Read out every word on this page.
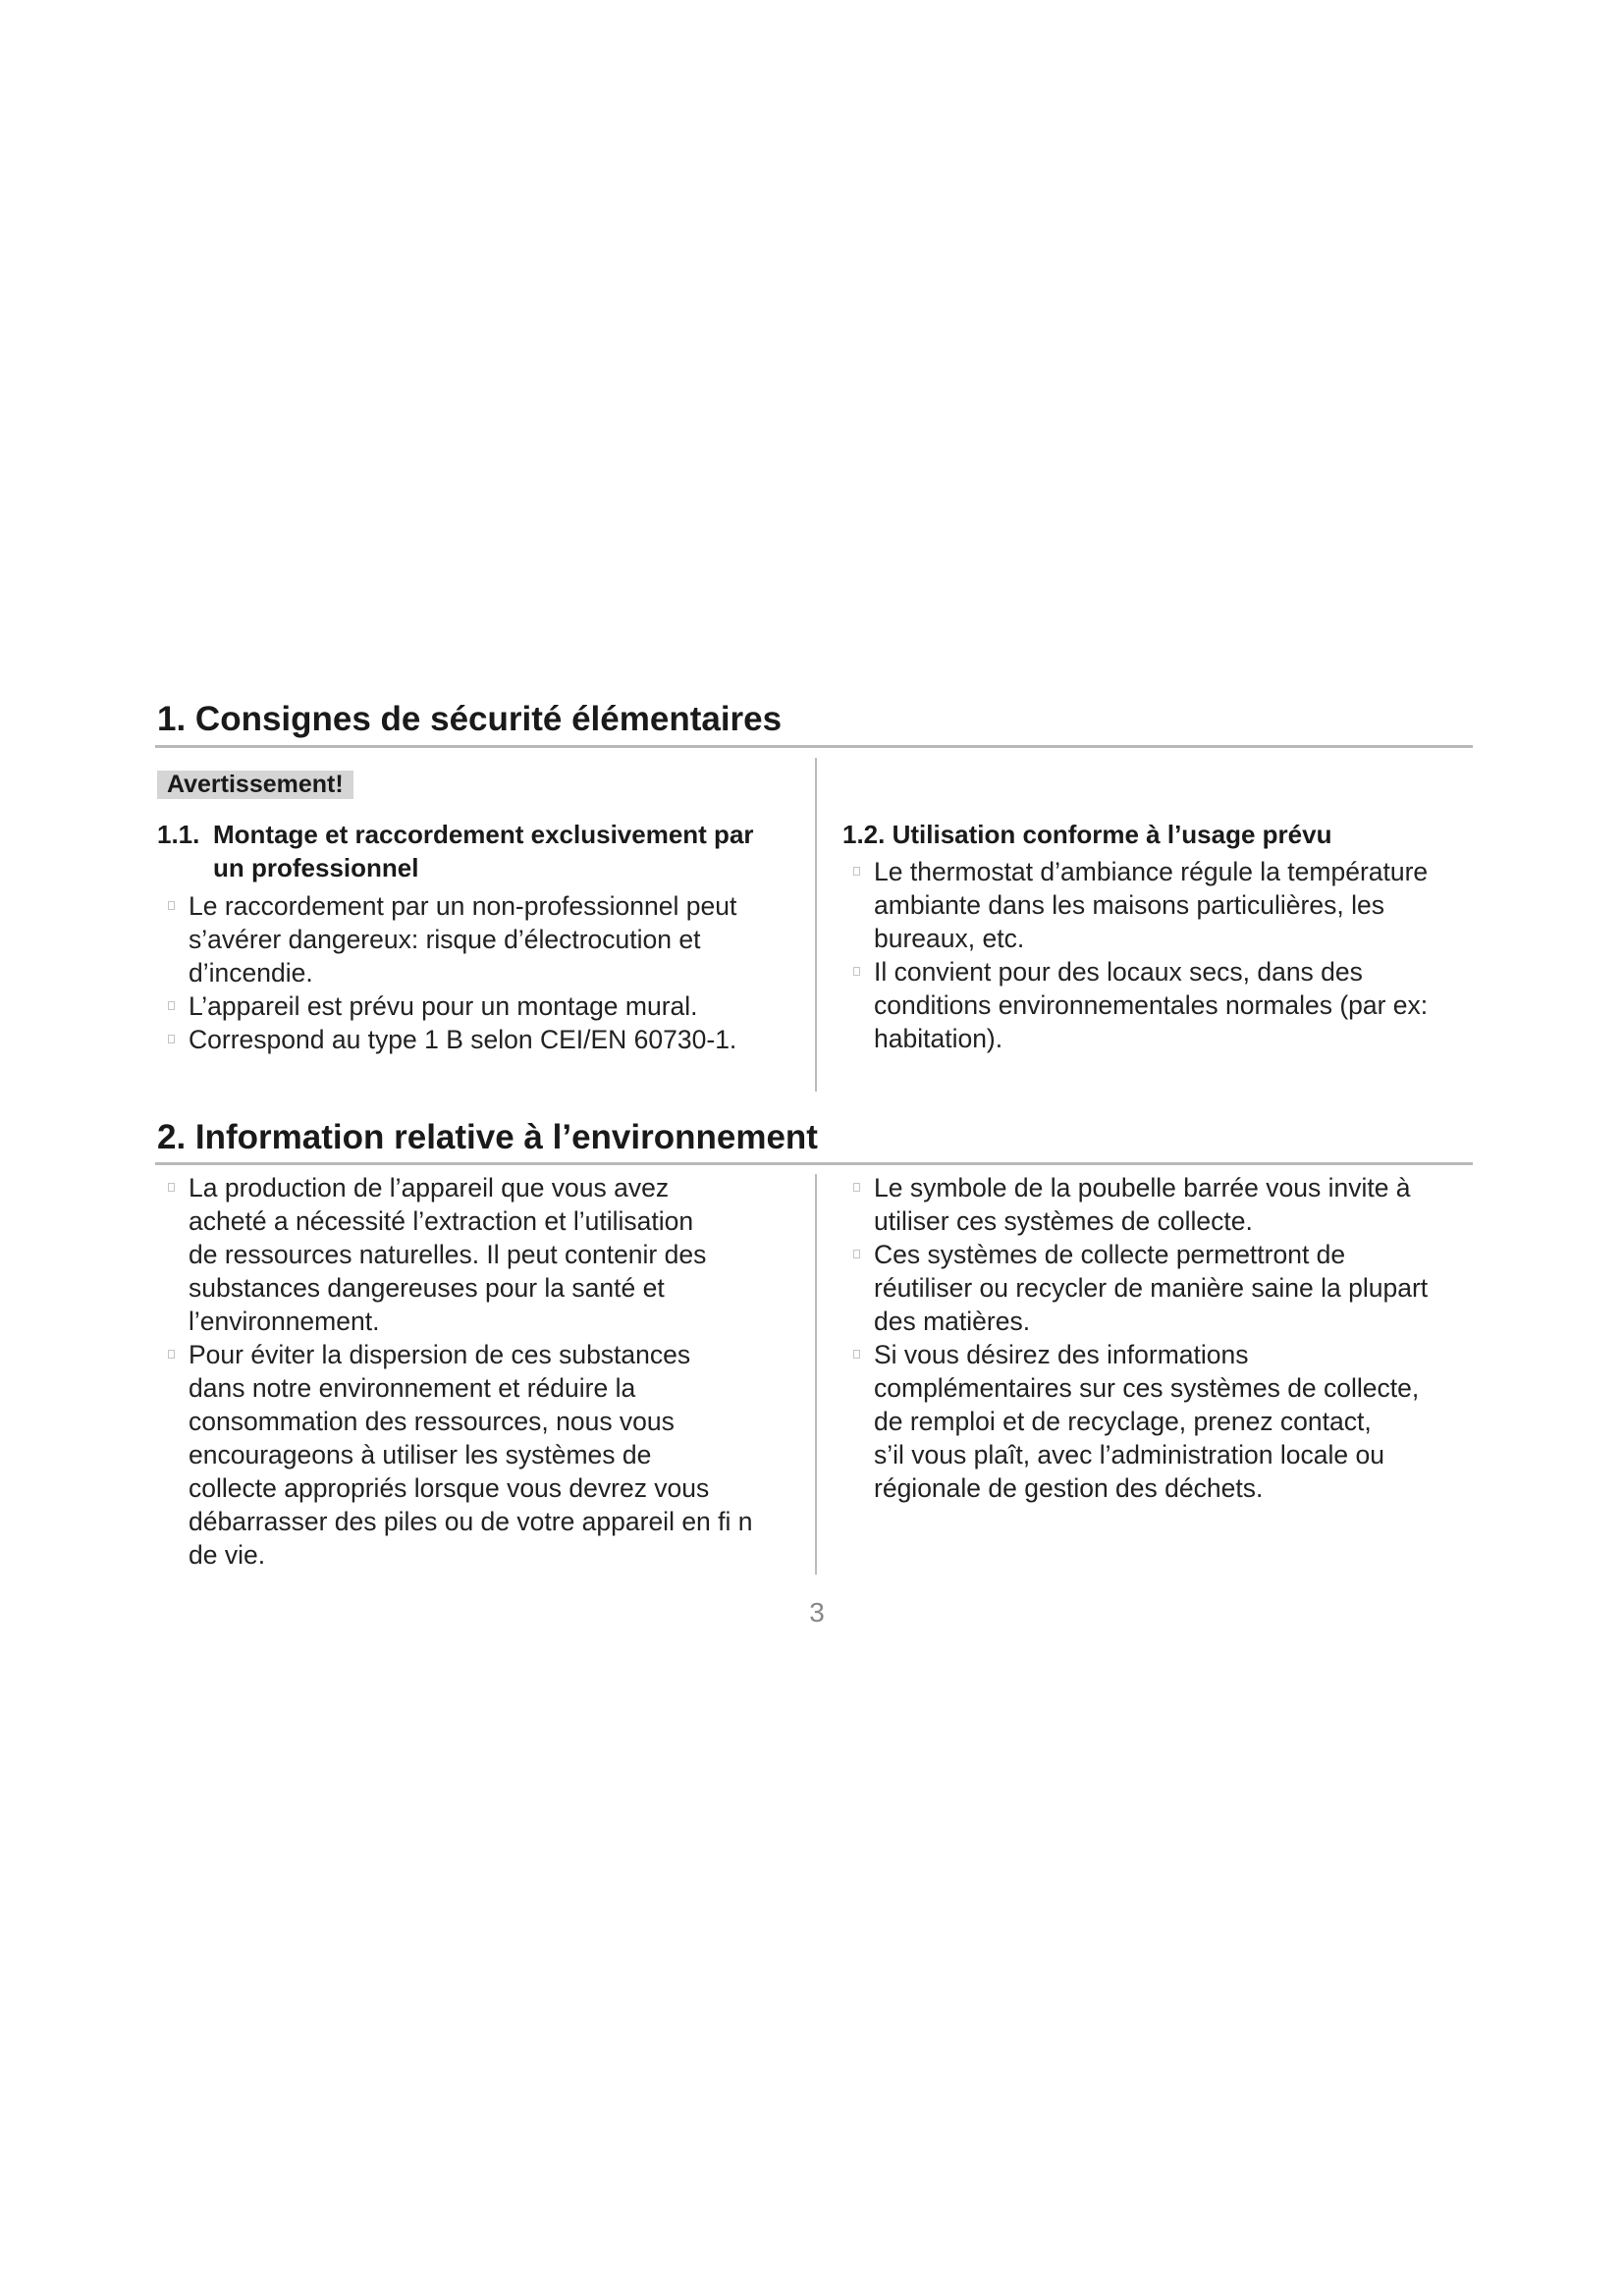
1. Consignes de sécurité élémentaires
Avertissement!
1.1. Montage et raccordement exclusivement par un professionnel
Le raccordement par un non-professionnel peut
s’avérer dangereux: risque d’électrocution et
d’incendie.
L’appareil est prévu pour un montage mural.
Correspond au type 1 B selon CEI/EN 60730-1.
1.2. Utilisation conforme à l’usage prévu
Le thermostat d’ambiance régule la température
ambiante dans les maisons particulières, les
bureaux, etc.
Il convient pour des locaux secs, dans des
conditions environnementales normales (par ex:
habitation).
2. Information relative à l’environnement
La production de l’appareil que vous avez
acheté a nécessité l’extraction et l’utilisation
de ressources naturelles. Il peut contenir des
substances dangereuses pour la santé et
l’environnement.
Pour éviter la dispersion de ces substances
dans notre environnement et réduire la
consommation des ressources, nous vous
encourageons à utiliser les systèmes de
collecte appropriés lorsque vous devrez vous
débarrasser des piles ou de votre appareil en fi n
de vie.
Le symbole de la poubelle barrée vous invite à
utiliser ces systèmes de collecte.
Ces systèmes de collecte permettront de
réutiliser ou recycler de manière saine la plupart
des matières.
Si vous désirez des informations
complémentaires sur ces systèmes de collecte,
de remploi et de recyclage, prenez contact,
s’il vous plaît, avec l’administration locale ou
régionale de gestion des déchets.
3
